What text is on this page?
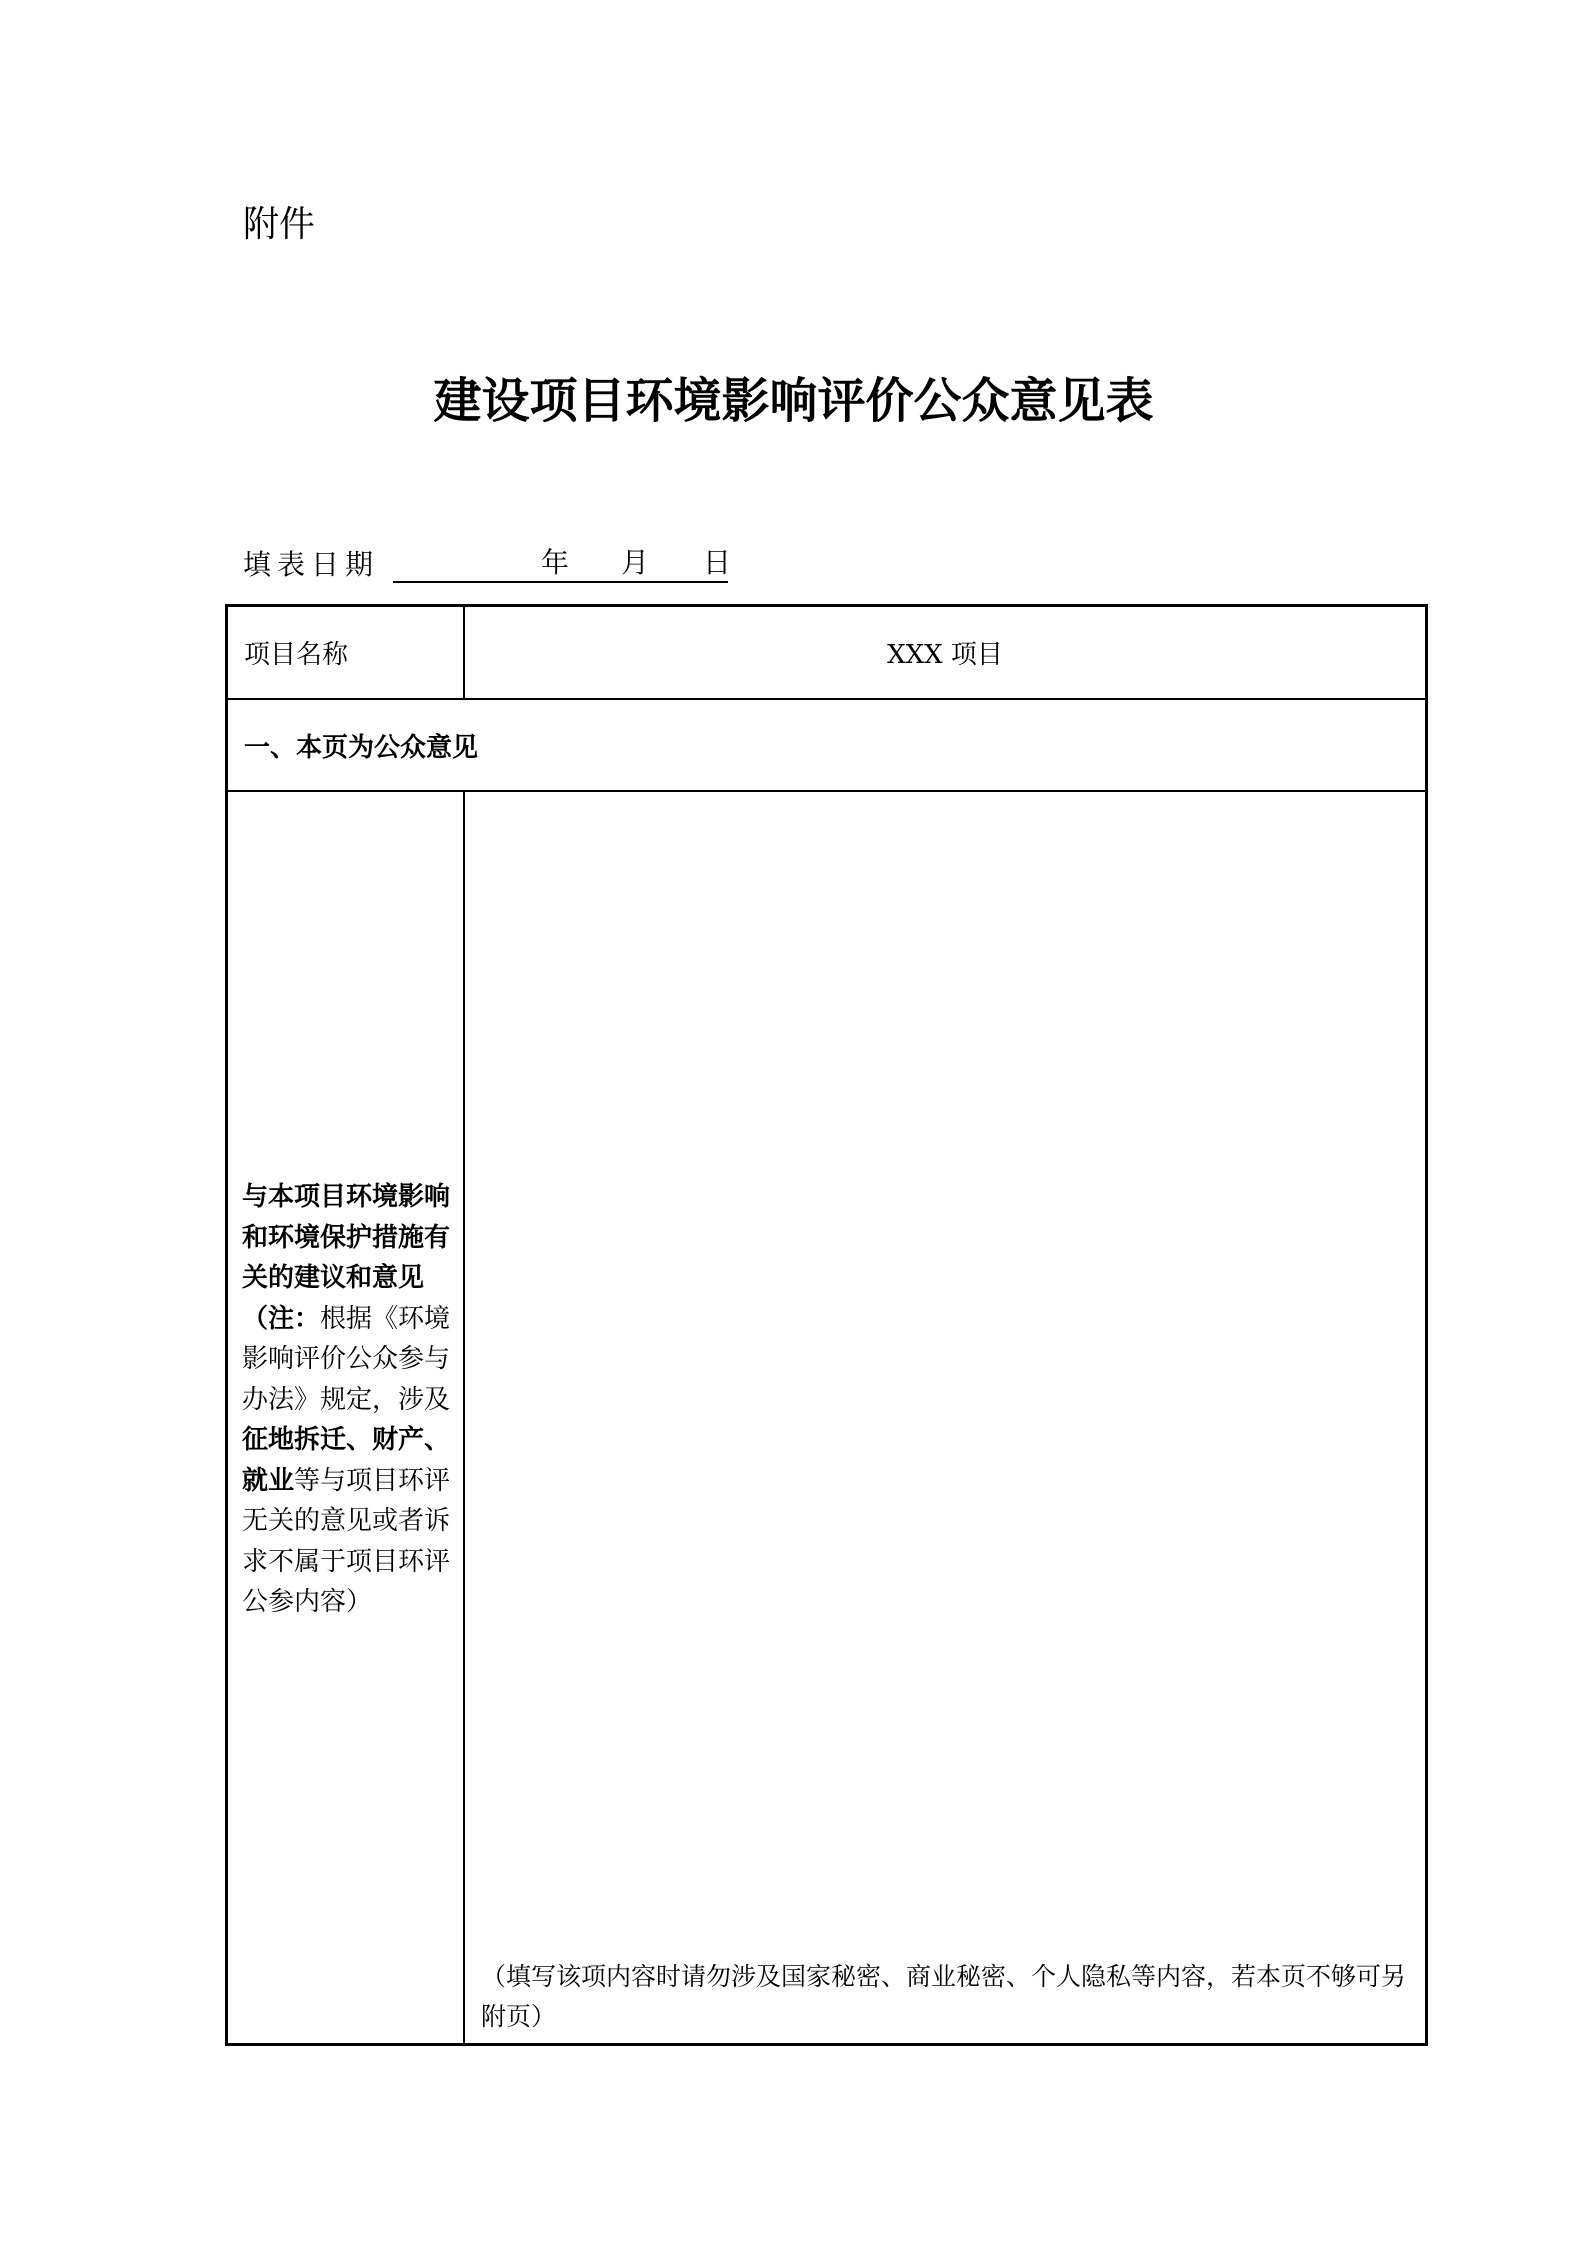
附件
建设项目环境影响评价公众意见表
填表日期	年 月 日
项目名称	XXX 项目
一、本页为公众意见
与本项目环境影响和环境保护措施有关的建议和意见（注：根据《环境影响评价公众参与办法》规定，涉及征地拆迁、财产、就业等与项目环评无关的意见或者诉求不属于项目环评公参内容）
（填写该项内容时请勿涉及国家秘密、商业秘密、个人隐私等内容，若本页不够可另附页）
